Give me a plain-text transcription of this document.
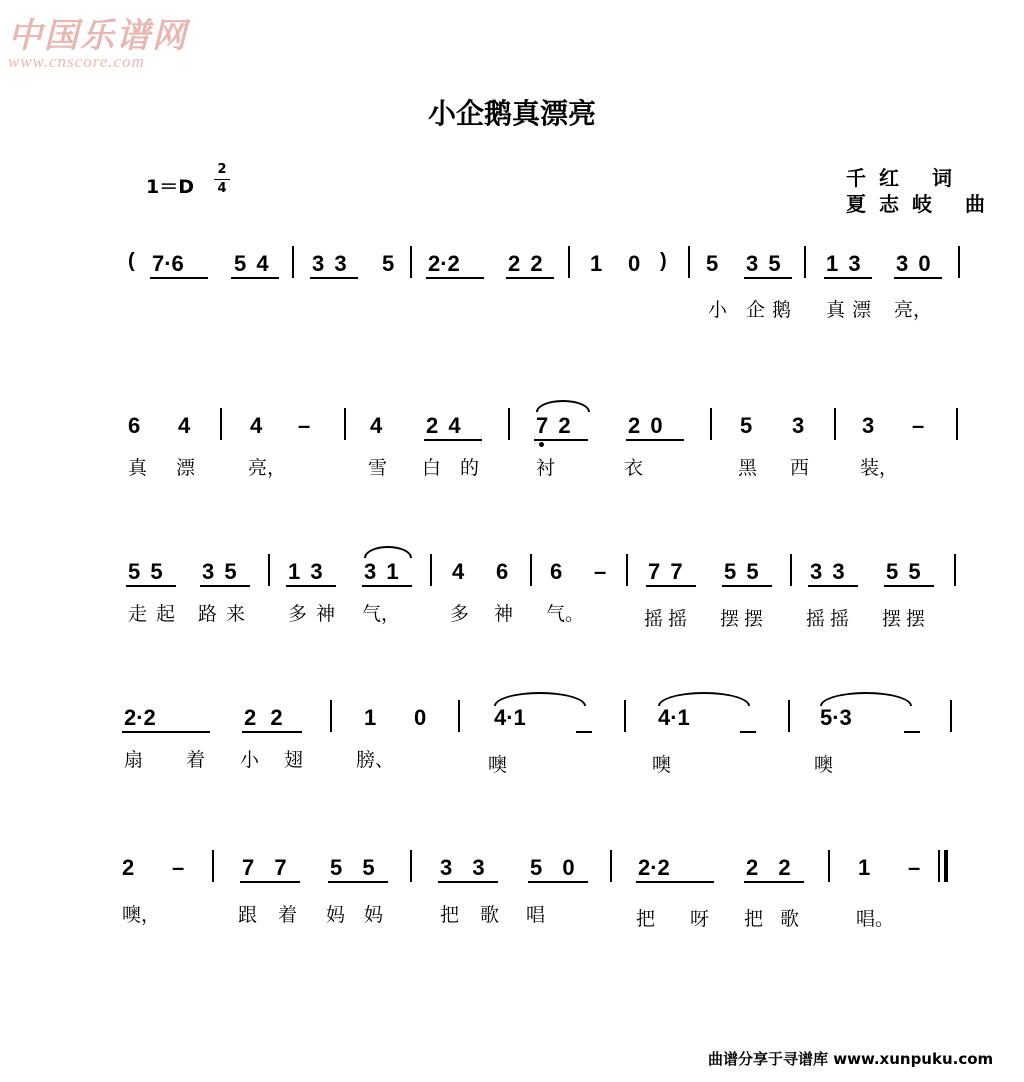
中国乐谱网
www.cnscore.com
小企鹅真漂亮
1＝D
2
4	千红 词
夏志岐 曲
( 7·6 5 4 3 3 5 2·2 2 2 1 0 ) 5 3 5 1 3 3 0
小 企 鹅 真 漂 亮，
6 4	4 –	4 2 4	7 2	2 0	5 3	3 –
真 漂	亮，	雪 白 的	衬	衣	黑 西	装，
5 5 3 5 1 3 3 1 4 6 6 – 7 7 5 5 3 3 5 5
走 起 路 来 多 神 气，	多 神 气。	摇 摇 摆 摆 摇 摇 摆 摆
2·2	2 2	1 0	4·1	4·1	5·3
扇 着 小 翅	膀、	噢	噢	噢
2 –	7 7 5 5	3 3 5 0	2·2	2 2	1 –
噢，	跟 着 妈 妈	把 歌 唱	把 呀 把 歌	唱。
曲谱分享于寻谱库 www.xunpuku.com
